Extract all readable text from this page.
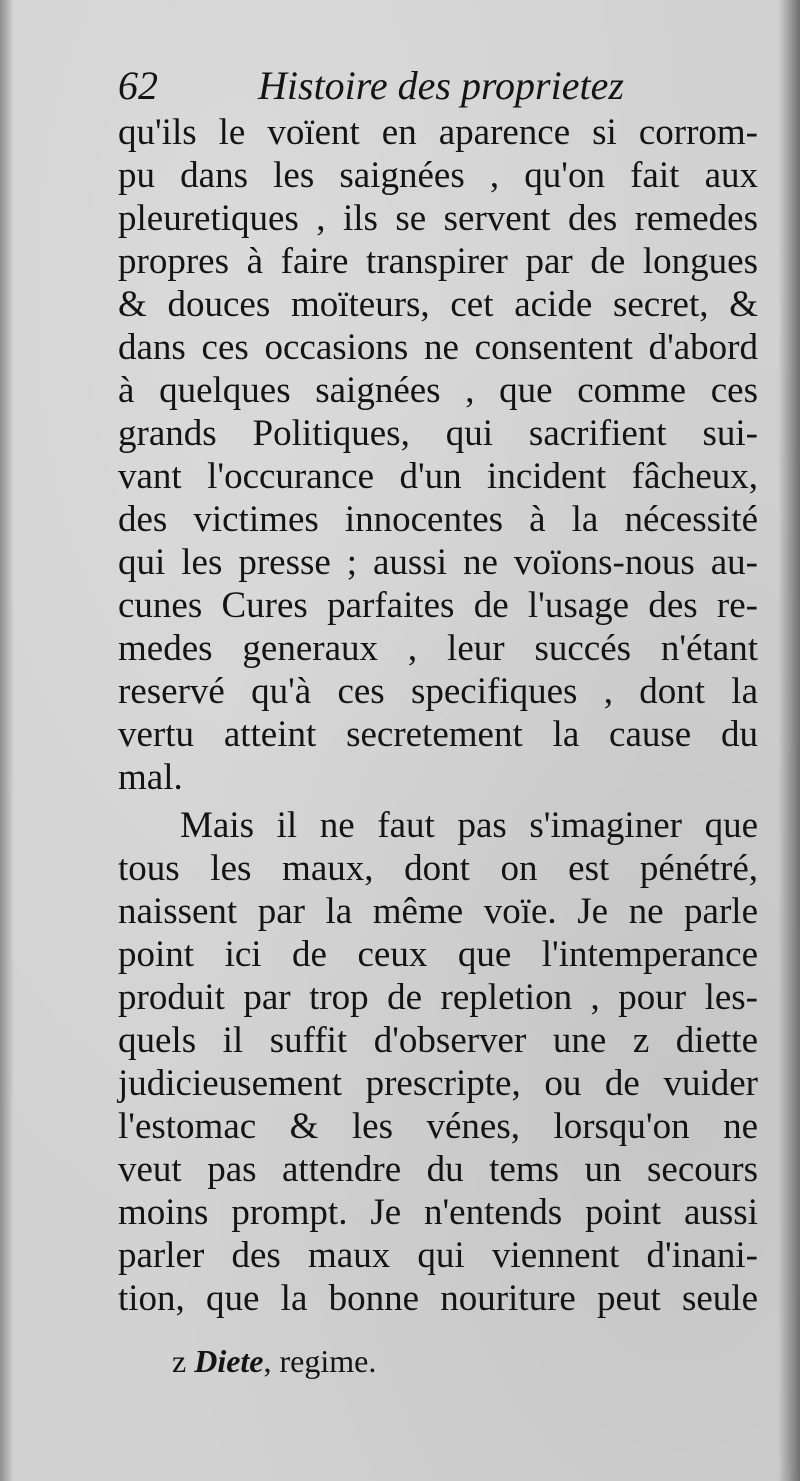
62	Histoire des proprietez
qu'ils le voïent en aparence si corrom-
pu dans les saignées , qu'on fait aux
pleuretiques , ils se servent des remedes
propres à faire transpirer par de longues
& douces moïteurs, cet acide secret, &
dans ces occasions ne consentent d'abord
à quelques saignées , que comme ces
grands Politiques, qui sacrifient sui-
vant l'occurance d'un incident fâcheux,
des victimes innocentes à la nécessité
qui les presse ; aussi ne voïons-nous au-
cunes Cures parfaites de l'usage des re-
medes generaux , leur succés n'étant
reservé qu'à ces specifiques , dont la
vertu atteint secretement la cause du
mal.
Mais il ne faut pas s'imaginer que
tous les maux, dont on est pénétré,
naissent par la même voïe. Je ne parle
point ici de ceux que l'intemperance
produit par trop de repletion , pour les-
quels il suffit d'observer une z diette
judicieusement prescripte, ou de vuider
l'estomac & les vénes, lorsqu'on ne
veut pas attendre du tems un secours
moins prompt. Je n'entends point aussi
parler des maux qui viennent d'inani-
tion, que la bonne nouriture peut seule
z Diete, regime.
